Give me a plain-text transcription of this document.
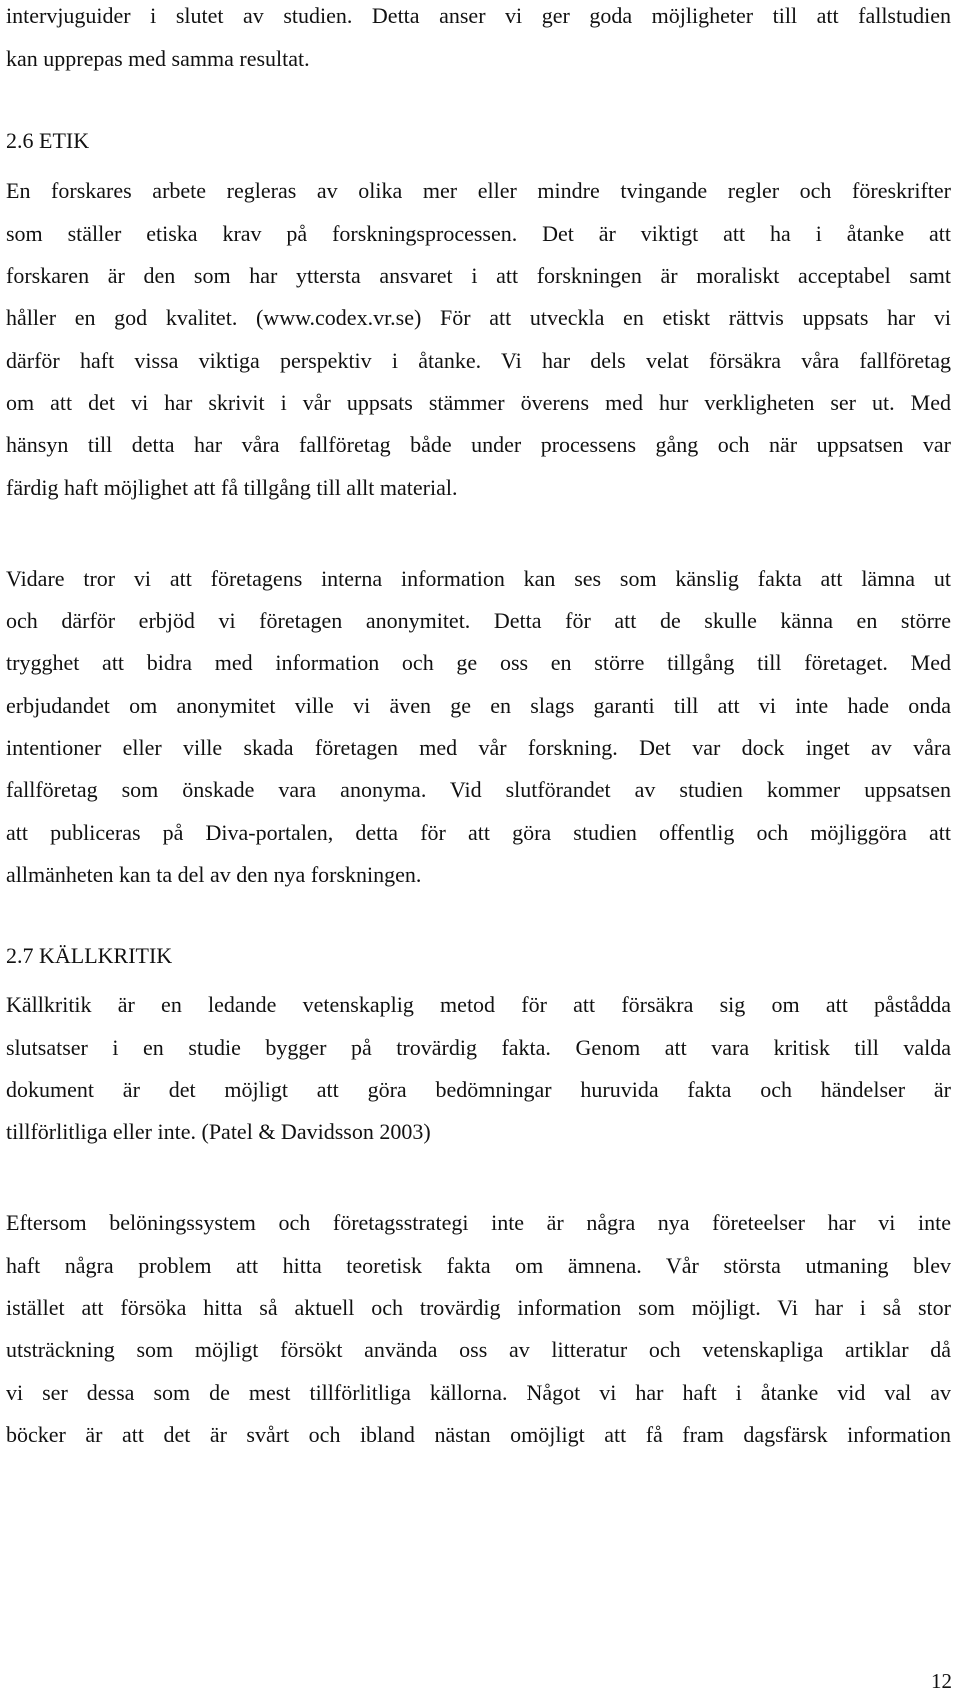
intervjuguider i slutet av studien. Detta anser vi ger goda möjligheter till att fallstudien
kan upprepas med samma resultat.
2.6 ETIK
En forskares arbete regleras av olika mer eller mindre tvingande regler och föreskrifter
som ställer etiska krav på forskningsprocessen. Det är viktigt att ha i åtanke att
forskaren är den som har yttersta ansvaret i att forskningen är moraliskt acceptabel samt
håller en god kvalitet. (www.codex.vr.se) För att utveckla en etiskt rättvis uppsats har vi
därför haft vissa viktiga perspektiv i åtanke. Vi har dels velat försäkra våra fallföretag
om att det vi har skrivit i vår uppsats stämmer överens med hur verkligheten ser ut. Med
hänsyn till detta har våra fallföretag både under processens gång och när uppsatsen var
färdig haft möjlighet att få tillgång till allt material.
Vidare tror vi att företagens interna information kan ses som känslig fakta att lämna ut
och därför erbjöd vi företagen anonymitet. Detta för att de skulle känna en större
trygghet att bidra med information och ge oss en större tillgång till företaget. Med
erbjudandet om anonymitet ville vi även ge en slags garanti till att vi inte hade onda
intentioner eller ville skada företagen med vår forskning. Det var dock inget av våra
fallföretag som önskade vara anonyma. Vid slutförandet av studien kommer uppsatsen
att publiceras på Diva-portalen, detta för att göra studien offentlig och möjliggöra att
allmänheten kan ta del av den nya forskningen.
2.7 KÄLLKRITIK
Källkritik är en ledande vetenskaplig metod för att försäkra sig om att påstådda
slutsatser i en studie bygger på trovärdig fakta. Genom att vara kritisk till valda
dokument är det möjligt att göra bedömningar huruvida fakta och händelser är
tillförlitliga eller inte. (Patel & Davidsson 2003)
Eftersom belöningssystem och företagsstrategi inte är några nya företeelser har vi inte
haft några problem att hitta teoretisk fakta om ämnena. Vår största utmaning blev
istället att försöka hitta så aktuell och trovärdig information som möjligt. Vi har i så stor
utsträckning som möjligt försökt använda oss av litteratur och vetenskapliga artiklar då
vi ser dessa som de mest tillförlitliga källorna. Något vi har haft i åtanke vid val av
böcker är att det är svårt och ibland nästan omöjligt att få fram dagsfärsk information
12
